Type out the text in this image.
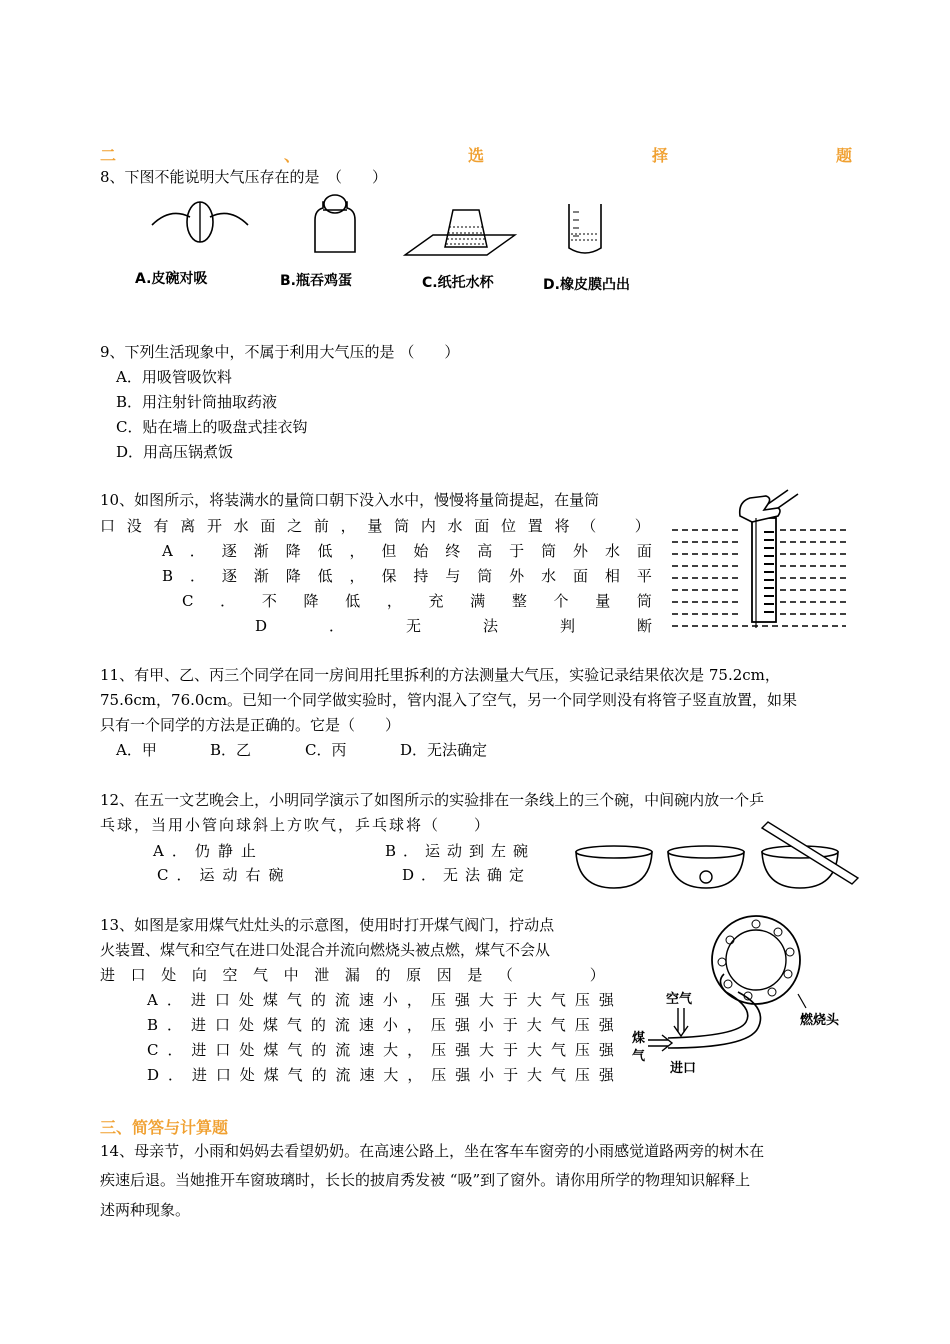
二	、	选	择	题
8、下图不能说明大气压存在的是　（　　）
A.皮碗对吸	B.瓶吞鸡蛋	C.纸托水杯	D.橡皮膜凸出
9、下列生活现象中，不属于利用大气压的是 （　　）
A．用吸管吸饮料
B．用注射针筒抽取药液
C．贴在墙上的吸盘式挂衣钩
D．用高压锅煮饭
10、如图所示，将装满水的量筒口朝下没入水中，慢慢将量筒提起，在量筒
口 没 有 离 开 水 面 之 前 ， 量 筒 内 水 面 位 置 将 （
　	）
A ． 逐 渐 降 低 ， 但 始 终 高 于 筒 外 水 面
B ． 逐 渐 降 低 ， 保 持 与 筒 外 水 面 相 平
C ． 不 降 低 ， 充 满 整 个 量 筒
D	．	无	法	判	断
11、有甲、乙、丙三个同学在同一房间用托里拆利的方法测量大气压，实验记录结果依次是 75.2cm，
75.6cm，76.0cm。已知一个同学做实验时，管内混入了空气，另一个同学则没有将管子竖直放置，如果
只有一个同学的方法是正确的。它是（　　）
A．甲	B．乙	C．丙	D．无法确定
12、在五一文艺晚会上，小明同学演示了如图所示的实验排在一条线上的三个碗，中间碗内放一个乒
乓球，当用小管向球斜上方吹气，乒乓球将（　　）
A．仍静止	B．运动到左碗
C．运动右碗	D．无法确定
13、如图是家用煤气灶灶头的示意图，使用时打开煤气阀门，拧动点
火装置、煤气和空气在进口处混合并流向燃烧头被点燃，煤气不会从
进 口 处 向 空 气 中 泄 漏 的 原 因 是 （

　	）
A ． 进 口 处 煤 气 的 流 速 小 ， 压 强 大 于 大 气 压 强
B ． 进 口 处 煤 气 的 流 速 小 ， 压 强 小 于 大 气 压 强
C ． 进 口 处 煤 气 的 流 速 大 ， 压 强 大 于 大 气 压 强
D ． 进 口 处 煤 气 的 流 速 大 ， 压 强 小 于 大 气 压 强
空气
煤
气
进口
燃烧头
三、简答与计算题
14、母亲节，小雨和妈妈去看望奶奶。在高速公路上，坐在客车车窗旁的小雨感觉道路两旁的树木在
疾速后退。当她推开车窗玻璃时，长长的披肩秀发被 “吸”到了窗外。请你用所学的物理知识解释上
述两种现象。
